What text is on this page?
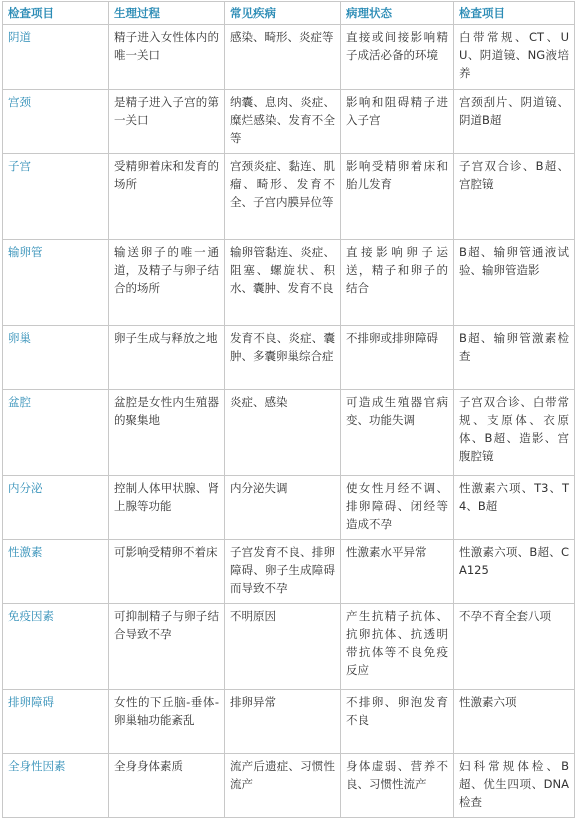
检查项目	生理过程	常见疾病	病理状态	检查项目
阴道	精子进入女性体内的唯一关口	感染、畸形、炎症等	直接或间接影响精子成活必备的环境	白带常规、CT、UU、阴道镜、NG液培养
宫颈	是精子进入子宫的第一关口	纳囊、息肉、炎症、糜烂感染、发育不全等	影响和阻碍精子进入子宫	宫颈刮片、阴道镜、阴道B超
子宫	受精卵着床和发育的场所	宫颈炎症、黏连、肌瘤、畸形、发育不全、子宫内膜异位等	影响受精卵着床和胎儿发育	子宫双合诊、B超、宫腔镜
输卵管	输送卵子的唯一通道，及精子与卵子结合的场所	输卵管黏连、炎症、阻塞、螺旋状、积水、囊肿、发育不良	直接影响卵子运送，精子和卵子的结合	B超、输卵管通液试验、输卵管造影
卵巢	卵子生成与释放之地	发育不良、炎症、囊肿、多囊卵巢综合症	不排卵或排卵障碍	B超、输卵管激素检查
盆腔	盆腔是女性内生殖器的聚集地	炎症、感染	可造成生殖器官病变、功能失调	子宫双合诊、白带常规、支原体、衣原体、B超、造影、宫腹腔镜
内分泌	控制人体甲状腺、肾上腺等功能	内分泌失调	使女性月经不调、排卵障碍、闭经等造成不孕	性激素六项、T3、T4、B超
性激素	可影响受精卵不着床	子宫发育不良、排卵障碍、卵子生成障碍而导致不孕	性激素水平异常	性激素六项、B超、CA125
免疫因素	可抑制精子与卵子结合导致不孕	不明原因	产生抗精子抗体、抗卵抗体、抗透明带抗体等不良免疫反应	不孕不育全套八项
排卵障碍	女性的下丘脑-垂体-卵巢轴功能紊乱	排卵异常	不排卵、卵泡发育不良	性激素六项
全身性因素	全身身体素质	流产后遗症、习惯性流产	身体虚弱、营养不良、习惯性流产	妇科常规体检、B超、优生四项、DNA检查
